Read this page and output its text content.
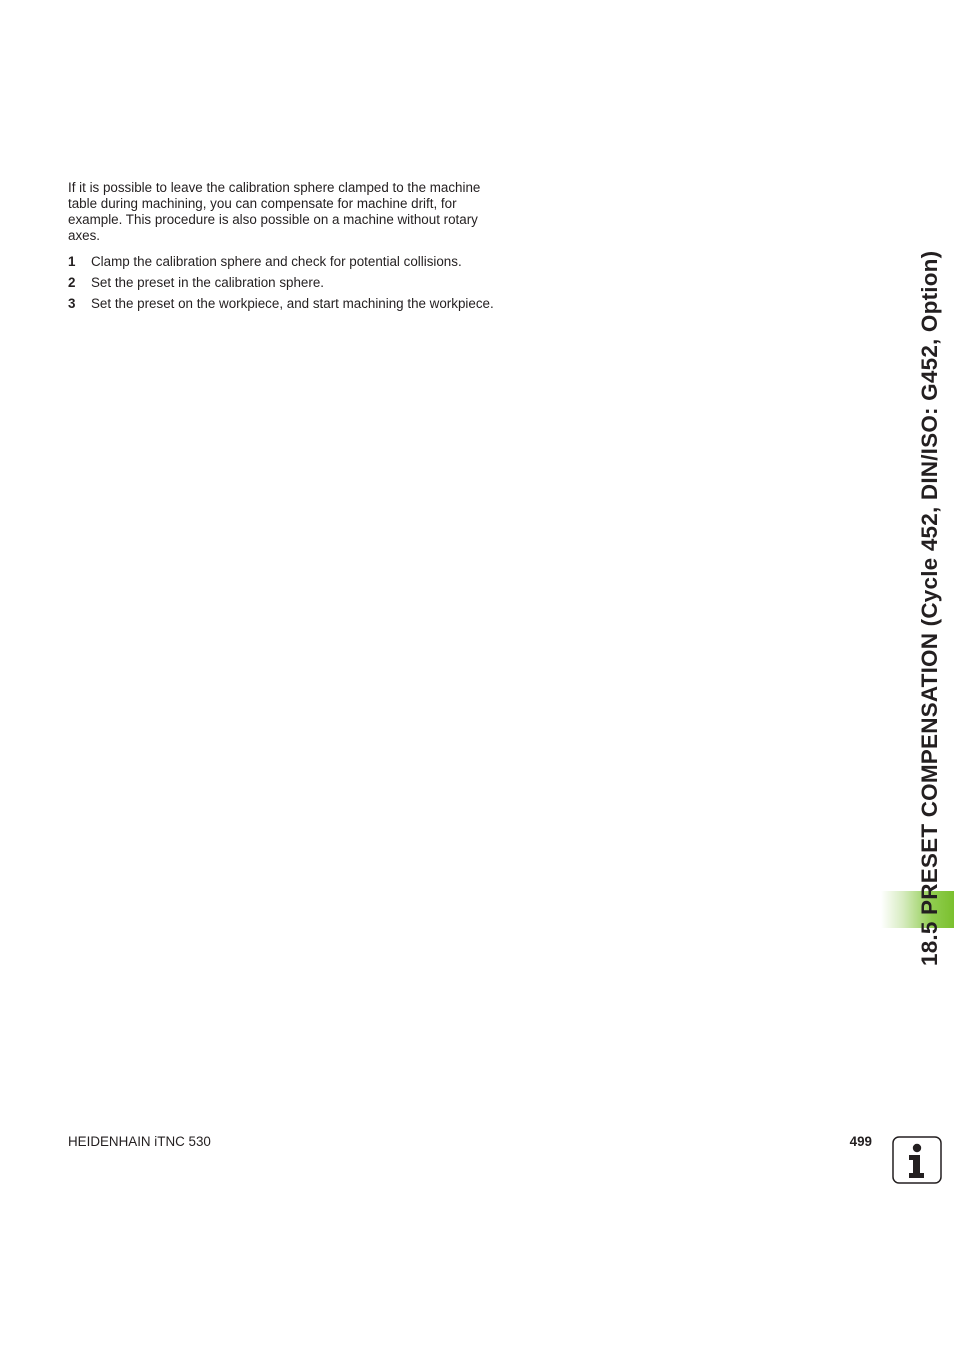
If it is possible to leave the calibration sphere clamped to the machine table during machining, you can compensate for machine drift, for example. This procedure is also possible on a machine without rotary axes.

1 Clamp the calibration sphere and check for potential collisions.
2 Set the preset in the calibration sphere.
3 Set the preset on the workpiece, and start machining the workpiece.	18.5 PRESET COMPENSATION (Cycle 452, DIN/ISO: G452, Option)
HEIDENHAIN iTNC 530	499
